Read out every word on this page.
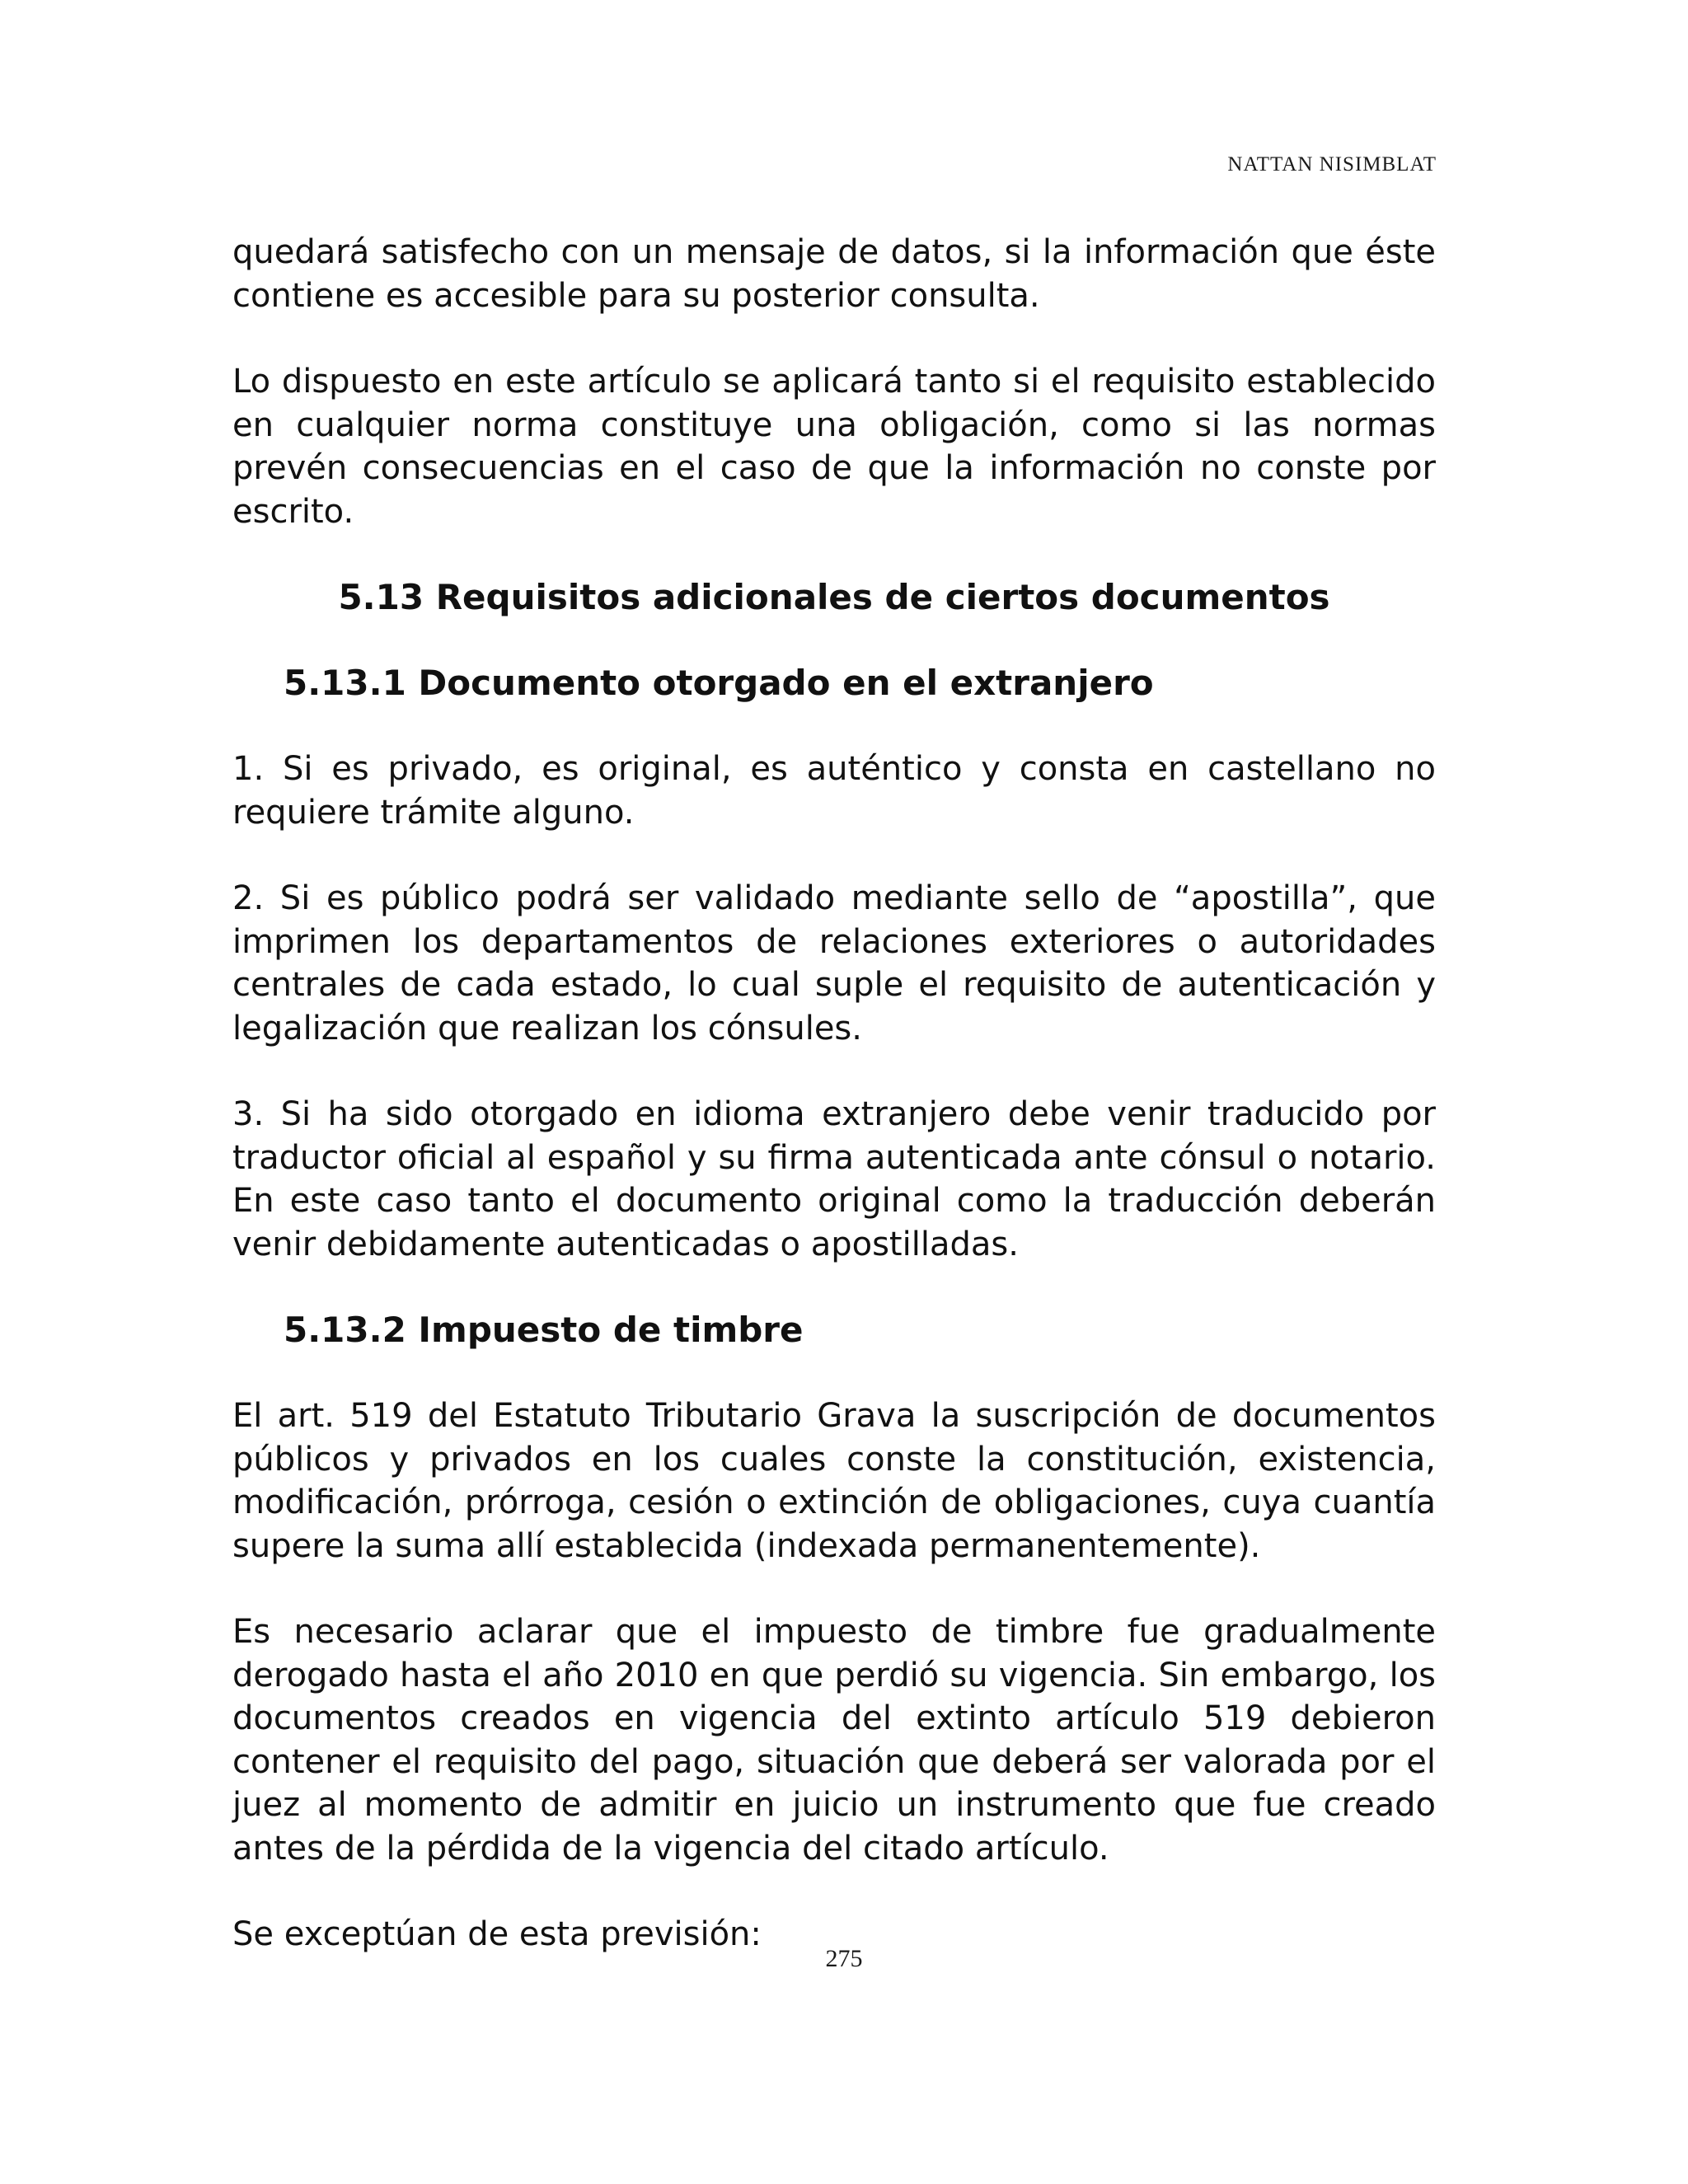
NATTAN NISIMBLAT

quedará satisfecho con un mensaje de datos, si la información que éste contiene es accesible para su posterior consulta.

Lo dispuesto en este artículo se aplicará tanto si el requisito establecido en cualquier norma constituye una obligación, como si las normas prevén consecuencias en el caso de que la información no conste por escrito.

5.13 Requisitos adicionales de ciertos documentos
5.13.1 Documento otorgado en el extranjero

1. Si es privado, es original, es auténtico y consta en castellano no requiere trámite alguno.

2. Si es público podrá ser validado mediante sello de “apostilla”, que imprimen los departamentos de relaciones exteriores o autoridades centrales de cada estado, lo cual suple el requisito de autenticación y legalización que realizan los cónsules.

3. Si ha sido otorgado en idioma extranjero debe venir traducido por traductor oficial al español y su firma autenticada ante cónsul o notario. En este caso tanto el documento original como la traducción deberán venir debidamente autenticadas o apostilladas.

5.13.2 Impuesto de timbre

El art. 519 del Estatuto Tributario Grava la suscripción de documentos públicos y privados en los cuales conste la constitución, existencia, modificación, prórroga, cesión o extinción de obligaciones, cuya cuantía supere la suma allí establecida (indexada permanentemente).

Es necesario aclarar que el impuesto de timbre fue gradualmente derogado hasta el año 2010 en que perdió su vigencia. Sin embargo, los documentos creados en vigencia del extinto artículo 519 debieron contener el requisito del pago, situación que deberá ser valorada por el juez al momento de admitir en juicio un instrumento que fue creado antes de la pérdida de la vigencia del citado artículo.

Se exceptúan de esta previsión:

275
